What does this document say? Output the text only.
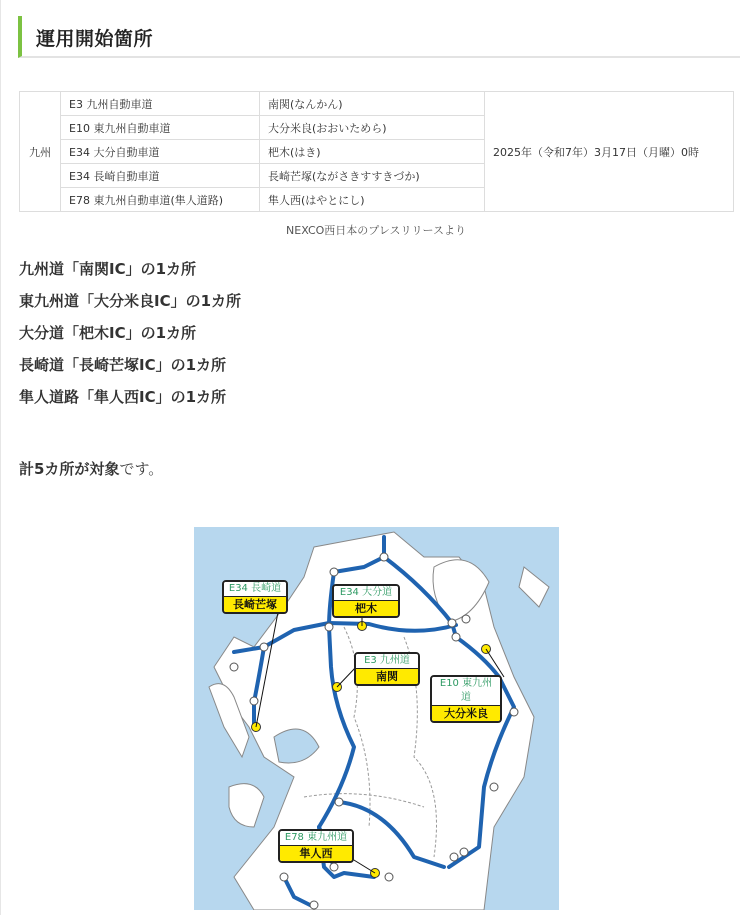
運用開始箇所
九州	E3 九州自動車道	南関(なんかん)	2025年（令和7年）3月17日（月曜）0時
	E10 東九州自動車道	大分米良(おおいためら)	
	E34 大分自動車道	杷木(はき)	
	E34 長崎自動車道	長崎芒塚(ながさきすすきづか)	
	E78 東九州自動車道(隼人道路)	隼人西(はやとにし)	
NEXCO西日本のプレスリリースより

九州道「南関IC」の1カ所

東九州道「大分米良IC」の1カ所

大分道「杷木IC」の1カ所

長崎道「長崎芒塚IC」の1カ所

隼人道路「隼人西IC」の1カ所

計5カ所が対象です。
E34 長崎道
長崎芒塚
E34 大分道
杷木
E3 九州道
南関
E10 東九州道
大分米良
E78 東九州道
隼人西
